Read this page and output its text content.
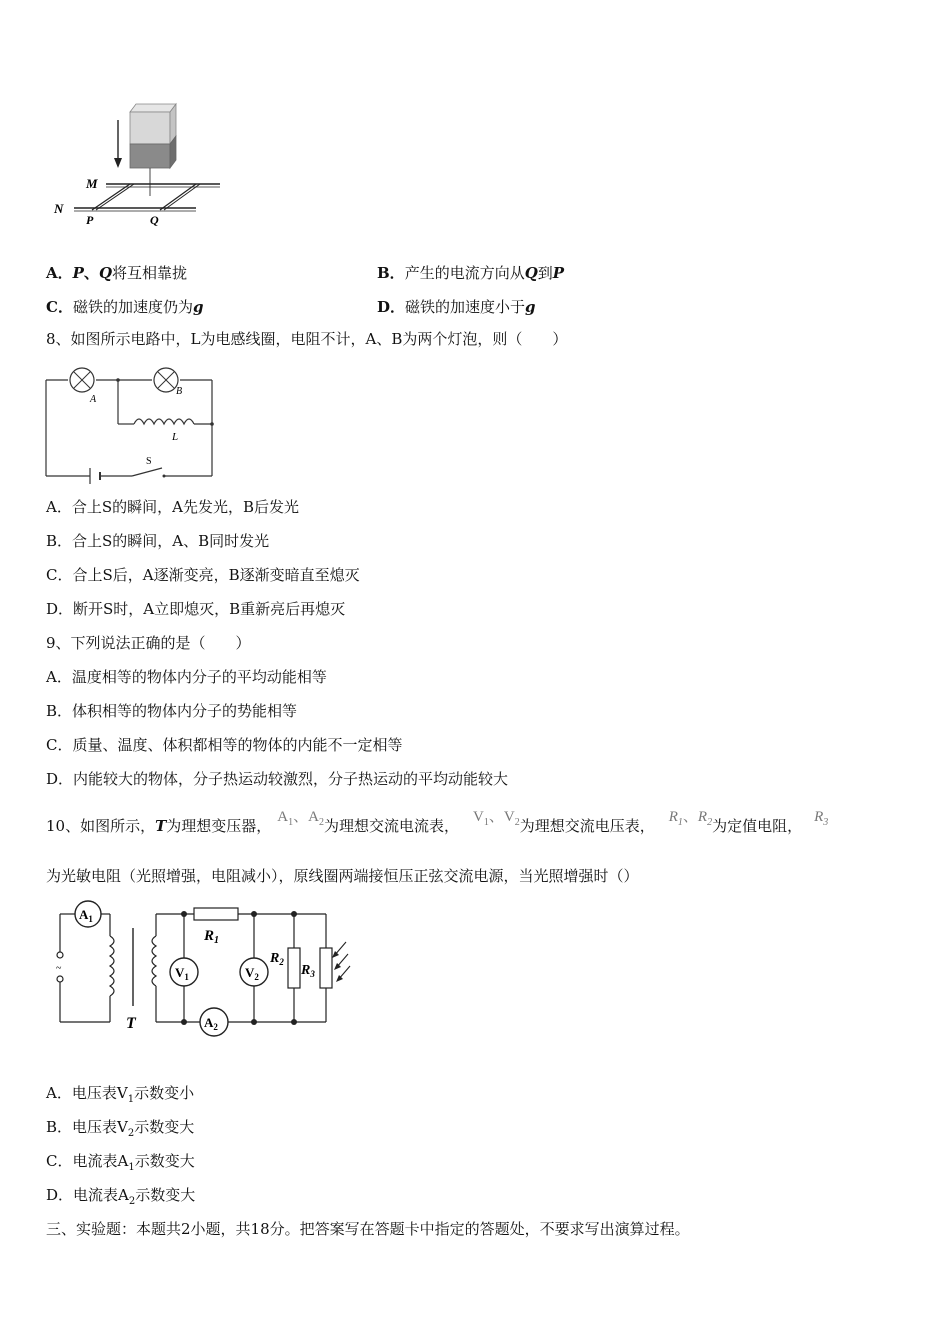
M
N
P	Q
A．P、Q将互相靠拢	B．产生的电流方向从Q到P
C．磁铁的加速度仍为g	D．磁铁的加速度小于g
8、如图所示电路中，L为电感线圈，电阻不计，A、B为两个灯泡，则（　　）
A
B
L
S
A．合上S的瞬间，A先发光，B后发光
B．合上S的瞬间，A、B同时发光
C．合上S后，A逐渐变亮，B逐渐变暗直至熄灭
D．断开S时，A立即熄灭，B重新亮后再熄灭
9、下列说法正确的是（　　）
A．温度相等的物体内分子的平均动能相等
B．体积相等的物体内分子的势能相等
C．质量、温度、体积都相等的物体的内能不一定相等
D．内能较大的物体，分子热运动较激烈，分子热运动的平均动能较大
10、如图所示，T为理想变压器， $A_1$、$A_2$为理想交流电流表， $V_1$、$V_2$为理想交流电压表， $R_1$、$R_2$为定值电阻， $R_3$
为光敏电阻（光照增强，电阻减小），原线圈两端接恒压正弦交流电源，当光照增强时（）
$A_1$
~
T
$R_1$
$A_2$
$V_1$	$V_2$
$R_2$
$R_3$
A．电压表$V_1$示数变小
B．电压表$V_2$示数变大
C．电流表$A_1$示数变大
D．电流表$A_2$示数变大
三、实验题：本题共2小题，共18分。把答案写在答题卡中指定的答题处，不要求写出演算过程。
